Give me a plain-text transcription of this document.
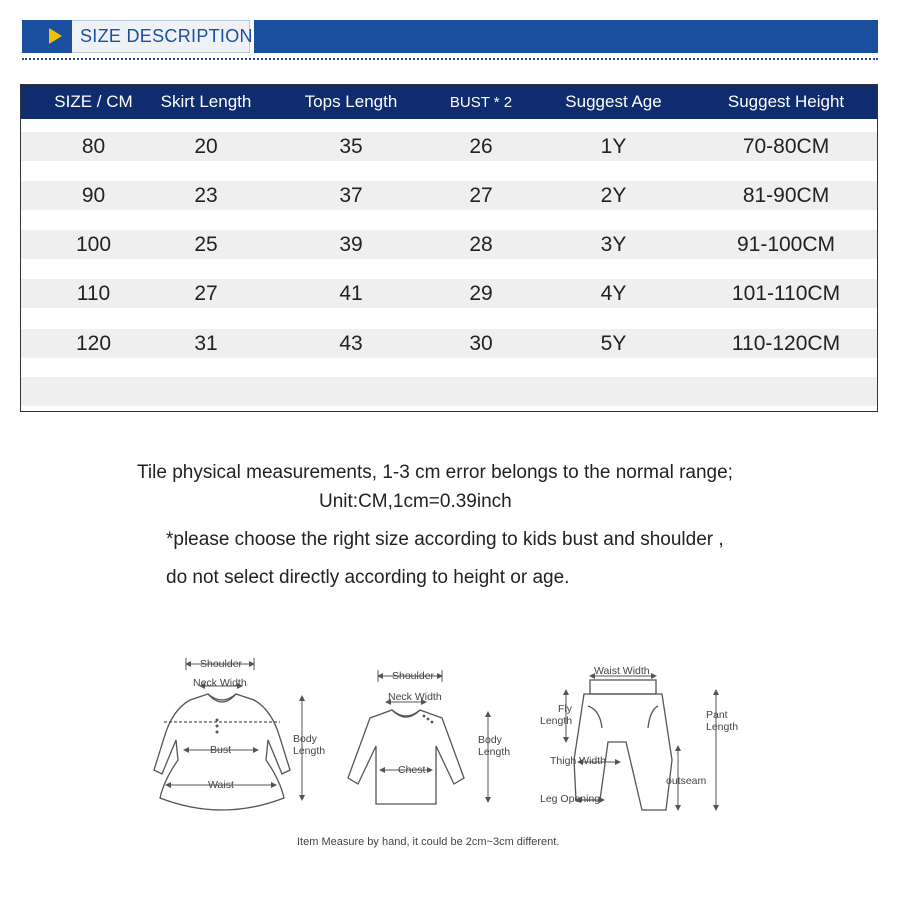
SIZE DESCRIPTION
SIZE / CM	Skirt Length	Tops Length	BUST * 2	Suggest Age	Suggest Height
80	20	35	26	1Y	70-80CM
90	23	37	27	2Y	81-90CM
100	25	39	28	3Y	91-100CM
110	27	41	29	4Y	101-110CM
120	31	43	30	5Y	110-120CM
Tile physical measurements, 1-3 cm error belongs to the normal range;
Unit:CM,1cm=0.39inch
*please choose the right size according to kids bust and shoulder ,
do not select directly according to height or age.
Shoulder
Neck Width
Bust
Waist
Body
Length
Shoulder
Neck Width
Chest
Body
Length
Waist Width
Fly
Length
Thigh Width
Leg Opening
outseam
Pant
Length
Item Measure by hand, it could be 2cm~3cm different.
